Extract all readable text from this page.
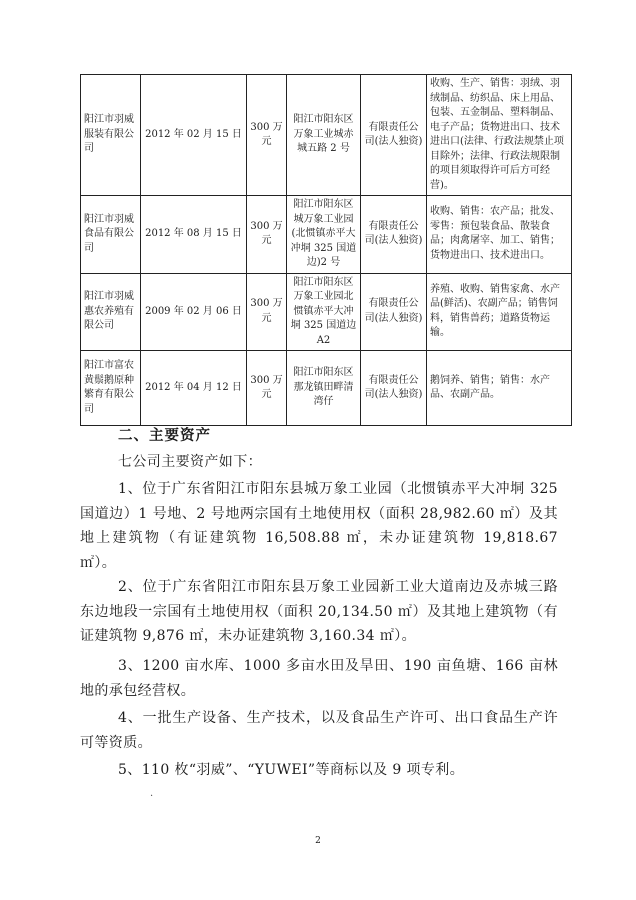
阳江市羽威服装有限公司	2012 年 02 月 15 日	300 万元	阳江市阳东区万象工业城赤城五路 2 号	有限责任公司(法人独资)	收购、生产、销售：羽绒、羽绒制品、纺织品、床上用品、包装、五金制品、塑料制品、电子产品；货物进出口、技术进出口(法律、行政法规禁止项目除外；法律、行政法规限制的项目须取得许可后方可经营)。
阳江市羽威食品有限公司	2012 年 08 月 15 日	300 万元	阳江市阳东区城万象工业园(北惯镇赤平大冲垌 325 国道边)2 号	有限责任公司(法人独资)	收购、销售：农产品；批发、零售：预包装食品、散装食品；肉禽屠宰、加工、销售；货物进出口、技术进出口。
阳江市羽威惠农养殖有限公司	2009 年 02 月 06 日	300 万元	阳江市阳东区万象工业园北惯镇赤平大冲垌 325 国道边 A2	有限责任公司(法人独资)	养殖、收购、销售家禽、水产品(鲜活)、农副产品；销售饲料，销售兽药；道路货物运输。
阳江市富农黄鬃鹅原种繁育有限公司	2012 年 04 月 12 日	300 万元	阳江市阳东区那龙镇田畔清湾仔	有限责任公司(法人独资)	鹅饲养、销售；销售：水产品、农副产品。
二、主要资产
七公司主要资产如下：
1、位于广东省阳江市阳东县城万象工业园（北惯镇赤平大冲垌 325 国道边）1 号地、2 号地两宗国有土地使用权（面积 28,982.60 ㎡）及其地上建筑物（有证建筑物 16,508.88 ㎡，未办证建筑物 19,818.67 ㎡）。
2、位于广东省阳江市阳东县万象工业园新工业大道南边及赤城三路东边地段一宗国有土地使用权（面积 20,134.50 ㎡）及其地上建筑物（有证建筑物 9,876 ㎡，未办证建筑物 3,160.34 ㎡）。
3、1200 亩水库、1000 多亩水田及旱田、190 亩鱼塘、166 亩林地的承包经营权。
4、一批生产设备、生产技术，以及食品生产许可、出口食品生产许可等资质。
5、110 枚“羽威”、“YUWEI”等商标以及 9 项专利。
·
2
